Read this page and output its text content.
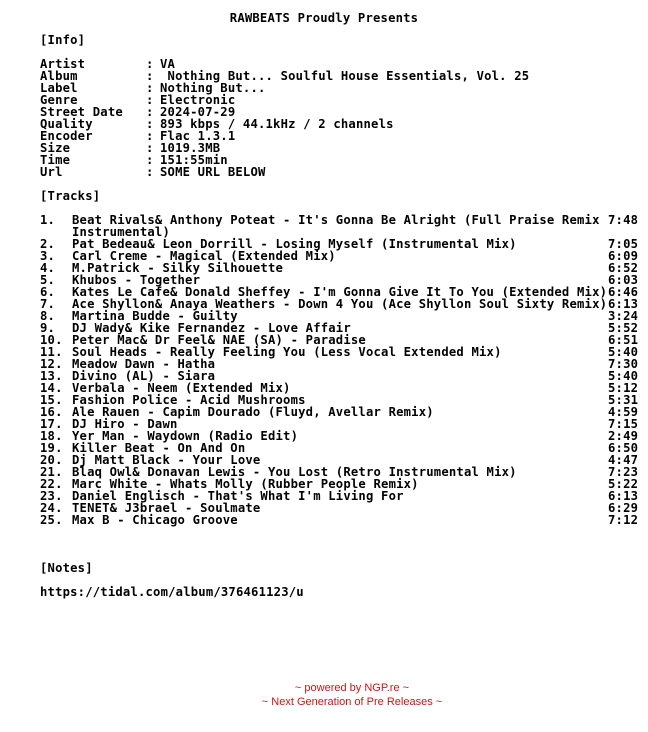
RAWBEATS Proudly Presents
[Info]
Artist	: VA
Album	: Nothing But... Soulful House Essentials, Vol. 25
Label	: Nothing But...
Genre	: Electronic
Street Date	: 2024-07-29
Quality	: 893 kbps / 44.1kHz / 2 channels
Encoder	: Flac 1.3.1
Size	: 1019.3MB
Time	: 151:55min
Url	: SOME URL BELOW
[Tracks]
1.	Beat Rivals& Anthony Poteat - It's Gonna Be Alright (Full Praise Remix Instrumental)
7:48
2.	Pat Bedeau& Leon Dorrill - Losing Myself (Instrumental Mix)	7:05
3.	Carl Creme - Magical (Extended Mix)	6:09
4.	M.Patrick - Silky Silhouette	6:52
5.	Khubos - Together	6:03
6.	Kates Le Cafe& Donald Sheffey - I'm Gonna Give It To You (Extended Mix) 6:46
7.	Ace Shyllon& Anaya Weathers - Down 4 You (Ace Shyllon Soul Sixty Remix) 6:13
8.	Martina Budde - Guilty	3:24
9.	DJ Wady& Kike Fernandez - Love Affair	5:52
10. Peter Mac& Dr Feel& NAE (SA) - Paradise	6:51
11. Soul Heads - Really Feeling You (Less Vocal Extended Mix)	5:40
12. Meadow Dawn - Hatha	7:30
13. Divino (AL) - Siara	5:40
14. Verbala - Neem (Extended Mix)	5:12
15. Fashion Police - Acid Mushrooms	5:31
16. Ale Rauen - Capim Dourado (Fluyd, Avellar Remix)	4:59
17. DJ Hiro - Dawn	7:15
18. Yer Man - Waydown (Radio Edit)	2:49
19. Killer Beat - On And On	6:50
20. Dj Matt Black - Your Love	4:47
21. Blaq Owl& Donavan Lewis - You Lost (Retro Instrumental Mix)	7:23
22. Marc White - Whats Molly (Rubber People Remix)	5:22
23. Daniel Englisch - That's What I'm Living For	6:13
24. TENET& J3brael - Soulmate	6:29
25. Max B - Chicago Groove	7:12
[Notes]
https://tidal.com/album/376461123/u
~ powered by NGP.re ~
~ Next Generation of Pre Releases ~
